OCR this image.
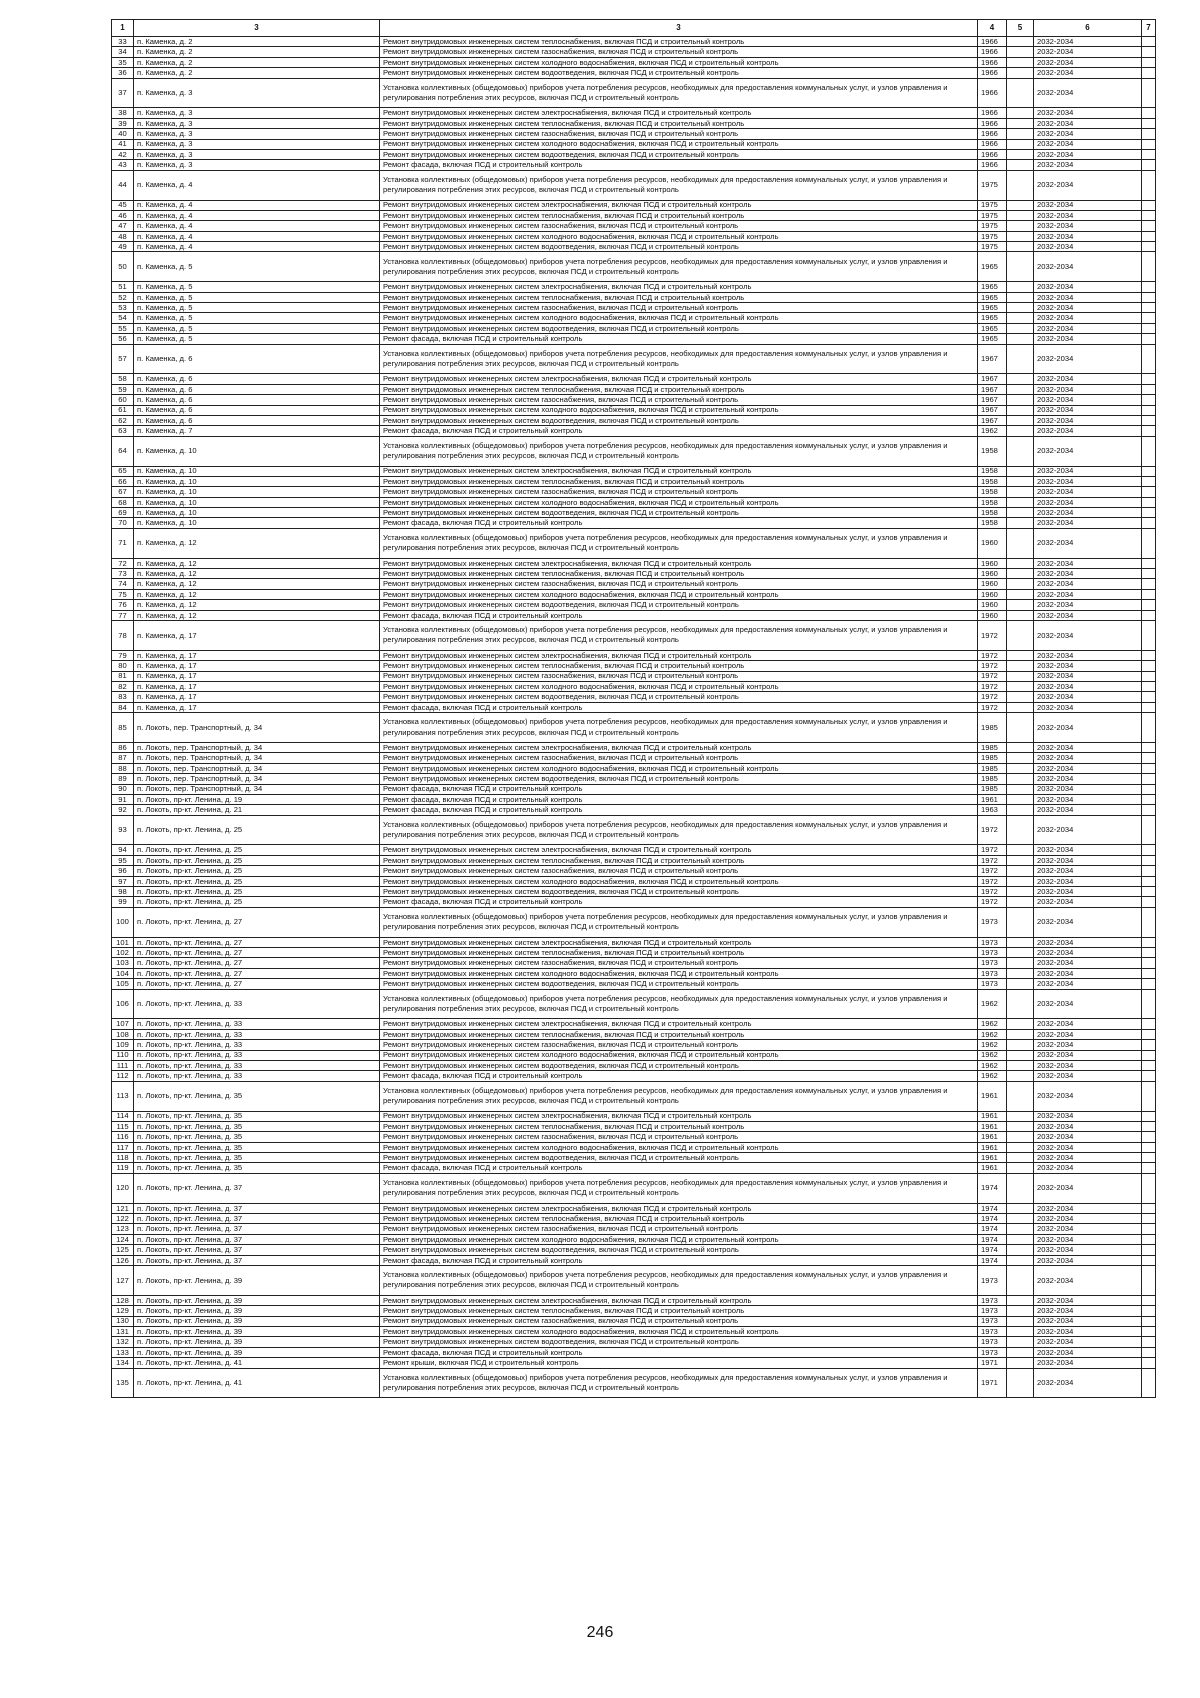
1	3	3	4	5	6	7
33	п. Каменка, д. 2	Ремонт внутридомовых инженерных систем теплоснабжения, включая ПСД и строительный контроль	1966		2032-2034	
34	п. Каменка, д. 2	Ремонт внутридомовых инженерных систем газоснабжения, включая ПСД и строительный контроль	1966		2032-2034	
35	п. Каменка, д. 2	Ремонт внутридомовых инженерных систем холодного водоснабжения, включая ПСД и строительный контроль	1966		2032-2034	
36	п. Каменка, д. 2	Ремонт внутридомовых инженерных систем водоотведения, включая ПСД и строительный контроль	1966		2032-2034	
37	п. Каменка, д. 3	Установка коллективных (общедомовых) приборов учета потребления ресурсов, необходимых для предоставления коммунальных услуг, и узлов управления и регулирования потребления этих ресурсов, включая ПСД и строительный контроль	1966		2032-2034	
38	п. Каменка, д. 3	Ремонт внутридомовых инженерных систем электроснабжения, включая ПСД и строительный контроль	1966		2032-2034	
39	п. Каменка, д. 3	Ремонт внутридомовых инженерных систем теплоснабжения, включая ПСД и строительный контроль	1966		2032-2034	
40	п. Каменка, д. 3	Ремонт внутридомовых инженерных систем газоснабжения, включая ПСД и строительный контроль	1966		2032-2034	
41	п. Каменка, д. 3	Ремонт внутридомовых инженерных систем холодного водоснабжения, включая ПСД и строительный контроль	1966		2032-2034	
42	п. Каменка, д. 3	Ремонт внутридомовых инженерных систем водоотведения, включая ПСД и строительный контроль	1966		2032-2034	
43	п. Каменка, д. 3	Ремонт фасада, включая ПСД и строительный контроль	1966		2032-2034	
44	п. Каменка, д. 4	Установка коллективных (общедомовых) приборов учета потребления ресурсов, необходимых для предоставления коммунальных услуг, и узлов управления и регулирования потребления этих ресурсов, включая ПСД и строительный контроль	1975		2032-2034	
45	п. Каменка, д. 4	Ремонт внутридомовых инженерных систем электроснабжения, включая ПСД и строительный контроль	1975		2032-2034	
46	п. Каменка, д. 4	Ремонт внутридомовых инженерных систем теплоснабжения, включая ПСД и строительный контроль	1975		2032-2034	
47	п. Каменка, д. 4	Ремонт внутридомовых инженерных систем газоснабжения, включая ПСД и строительный контроль	1975		2032-2034	
48	п. Каменка, д. 4	Ремонт внутридомовых инженерных систем холодного водоснабжения, включая ПСД и строительный контроль	1975		2032-2034	
49	п. Каменка, д. 4	Ремонт внутридомовых инженерных систем водоотведения, включая ПСД и строительный контроль	1975		2032-2034	
50	п. Каменка, д. 5	Установка коллективных (общедомовых) приборов учета потребления ресурсов, необходимых для предоставления коммунальных услуг, и узлов управления и регулирования потребления этих ресурсов, включая ПСД и строительный контроль	1965		2032-2034	
51	п. Каменка, д. 5	Ремонт внутридомовых инженерных систем электроснабжения, включая ПСД и строительный контроль	1965		2032-2034	
52	п. Каменка, д. 5	Ремонт внутридомовых инженерных систем теплоснабжения, включая ПСД и строительный контроль	1965		2032-2034	
53	п. Каменка, д. 5	Ремонт внутридомовых инженерных систем газоснабжения, включая ПСД и строительный контроль	1965		2032-2034	
54	п. Каменка, д. 5	Ремонт внутридомовых инженерных систем холодного водоснабжения, включая ПСД и строительный контроль	1965		2032-2034	
55	п. Каменка, д. 5	Ремонт внутридомовых инженерных систем водоотведения, включая ПСД и строительный контроль	1965		2032-2034	
56	п. Каменка, д. 5	Ремонт фасада, включая ПСД и строительный контроль	1965		2032-2034	
57	п. Каменка, д. 6	Установка коллективных (общедомовых) приборов учета потребления ресурсов, необходимых для предоставления коммунальных услуг, и узлов управления и регулирования потребления этих ресурсов, включая ПСД и строительный контроль	1967		2032-2034	
58	п. Каменка, д. 6	Ремонт внутридомовых инженерных систем электроснабжения, включая ПСД и строительный контроль	1967		2032-2034	
59	п. Каменка, д. 6	Ремонт внутридомовых инженерных систем теплоснабжения, включая ПСД и строительный контроль	1967		2032-2034	
60	п. Каменка, д. 6	Ремонт внутридомовых инженерных систем газоснабжения, включая ПСД и строительный контроль	1967		2032-2034	
61	п. Каменка, д. 6	Ремонт внутридомовых инженерных систем холодного водоснабжения, включая ПСД и строительный контроль	1967		2032-2034	
62	п. Каменка, д. 6	Ремонт внутридомовых инженерных систем водоотведения, включая ПСД и строительный контроль	1967		2032-2034	
63	п. Каменка, д. 7	Ремонт фасада, включая ПСД и строительный контроль	1962		2032-2034	
64	п. Каменка, д. 10	Установка коллективных (общедомовых) приборов учета потребления ресурсов, необходимых для предоставления коммунальных услуг, и узлов управления и регулирования потребления этих ресурсов, включая ПСД и строительный контроль	1958		2032-2034	
65	п. Каменка, д. 10	Ремонт внутридомовых инженерных систем электроснабжения, включая ПСД и строительный контроль	1958		2032-2034	
66	п. Каменка, д. 10	Ремонт внутридомовых инженерных систем теплоснабжения, включая ПСД и строительный контроль	1958		2032-2034	
67	п. Каменка, д. 10	Ремонт внутридомовых инженерных систем газоснабжения, включая ПСД и строительный контроль	1958		2032-2034	
68	п. Каменка, д. 10	Ремонт внутридомовых инженерных систем холодного водоснабжения, включая ПСД и строительный контроль	1958		2032-2034	
69	п. Каменка, д. 10	Ремонт внутридомовых инженерных систем водоотведения, включая ПСД и строительный контроль	1958		2032-2034	
70	п. Каменка, д. 10	Ремонт фасада, включая ПСД и строительный контроль	1958		2032-2034	
71	п. Каменка, д. 12	Установка коллективных (общедомовых) приборов учета потребления ресурсов, необходимых для предоставления коммунальных услуг, и узлов управления и регулирования потребления этих ресурсов, включая ПСД и строительный контроль	1960		2032-2034	
72	п. Каменка, д. 12	Ремонт внутридомовых инженерных систем электроснабжения, включая ПСД и строительный контроль	1960		2032-2034	
73	п. Каменка, д. 12	Ремонт внутридомовых инженерных систем теплоснабжения, включая ПСД и строительный контроль	1960		2032-2034	
74	п. Каменка, д. 12	Ремонт внутридомовых инженерных систем газоснабжения, включая ПСД и строительный контроль	1960		2032-2034	
75	п. Каменка, д. 12	Ремонт внутридомовых инженерных систем холодного водоснабжения, включая ПСД и строительный контроль	1960		2032-2034	
76	п. Каменка, д. 12	Ремонт внутридомовых инженерных систем водоотведения, включая ПСД и строительный контроль	1960		2032-2034	
77	п. Каменка, д. 12	Ремонт фасада, включая ПСД и строительный контроль	1960		2032-2034	
78	п. Каменка, д. 17	Установка коллективных (общедомовых) приборов учета потребления ресурсов, необходимых для предоставления коммунальных услуг, и узлов управления и регулирования потребления этих ресурсов, включая ПСД и строительный контроль	1972		2032-2034	
79	п. Каменка, д. 17	Ремонт внутридомовых инженерных систем электроснабжения, включая ПСД и строительный контроль	1972		2032-2034	
80	п. Каменка, д. 17	Ремонт внутридомовых инженерных систем теплоснабжения, включая ПСД и строительный контроль	1972		2032-2034	
81	п. Каменка, д. 17	Ремонт внутридомовых инженерных систем газоснабжения, включая ПСД и строительный контроль	1972		2032-2034	
82	п. Каменка, д. 17	Ремонт внутридомовых инженерных систем холодного водоснабжения, включая ПСД и строительный контроль	1972		2032-2034	
83	п. Каменка, д. 17	Ремонт внутридомовых инженерных систем водоотведения, включая ПСД и строительный контроль	1972		2032-2034	
84	п. Каменка, д. 17	Ремонт фасада, включая ПСД и строительный контроль	1972		2032-2034	
85	п. Локоть, пер. Транспортный, д. 34	Установка коллективных (общедомовых) приборов учета потребления ресурсов, необходимых для предоставления коммунальных услуг, и узлов управления и регулирования потребления этих ресурсов, включая ПСД и строительный контроль	1985		2032-2034	
86	п. Локоть, пер. Транспортный, д. 34	Ремонт внутридомовых инженерных систем электроснабжения, включая ПСД и строительный контроль	1985		2032-2034	
87	п. Локоть, пер. Транспортный, д. 34	Ремонт внутридомовых инженерных систем газоснабжения, включая ПСД и строительный контроль	1985		2032-2034	
88	п. Локоть, пер. Транспортный, д. 34	Ремонт внутридомовых инженерных систем холодного водоснабжения, включая ПСД и строительный контроль	1985		2032-2034	
89	п. Локоть, пер. Транспортный, д. 34	Ремонт внутридомовых инженерных систем водоотведения, включая ПСД и строительный контроль	1985		2032-2034	
90	п. Локоть, пер. Транспортный, д. 34	Ремонт фасада, включая ПСД и строительный контроль	1985		2032-2034	
91	п. Локоть, пр-кт. Ленина, д. 19	Ремонт фасада, включая ПСД и строительный контроль	1961		2032-2034	
92	п. Локоть, пр-кт. Ленина, д. 21	Ремонт фасада, включая ПСД и строительный контроль	1963		2032-2034	
93	п. Локоть, пр-кт. Ленина, д. 25	Установка коллективных (общедомовых) приборов учета потребления ресурсов, необходимых для предоставления коммунальных услуг, и узлов управления и регулирования потребления этих ресурсов, включая ПСД и строительный контроль	1972		2032-2034	
94	п. Локоть, пр-кт. Ленина, д. 25	Ремонт внутридомовых инженерных систем электроснабжения, включая ПСД и строительный контроль	1972		2032-2034	
95	п. Локоть, пр-кт. Ленина, д. 25	Ремонт внутридомовых инженерных систем теплоснабжения, включая ПСД и строительный контроль	1972		2032-2034	
96	п. Локоть, пр-кт. Ленина, д. 25	Ремонт внутридомовых инженерных систем газоснабжения, включая ПСД и строительный контроль	1972		2032-2034	
97	п. Локоть, пр-кт. Ленина, д. 25	Ремонт внутридомовых инженерных систем холодного водоснабжения, включая ПСД и строительный контроль	1972		2032-2034	
98	п. Локоть, пр-кт. Ленина, д. 25	Ремонт внутридомовых инженерных систем водоотведения, включая ПСД и строительный контроль	1972		2032-2034	
99	п. Локоть, пр-кт. Ленина, д. 25	Ремонт фасада, включая ПСД и строительный контроль	1972		2032-2034	
100	п. Локоть, пр-кт. Ленина, д. 27	Установка коллективных (общедомовых) приборов учета потребления ресурсов, необходимых для предоставления коммунальных услуг, и узлов управления и регулирования потребления этих ресурсов, включая ПСД и строительный контроль	1973		2032-2034	
101	п. Локоть, пр-кт. Ленина, д. 27	Ремонт внутридомовых инженерных систем электроснабжения, включая ПСД и строительный контроль	1973		2032-2034	
102	п. Локоть, пр-кт. Ленина, д. 27	Ремонт внутридомовых инженерных систем теплоснабжения, включая ПСД и строительный контроль	1973		2032-2034	
103	п. Локоть, пр-кт. Ленина, д. 27	Ремонт внутридомовых инженерных систем газоснабжения, включая ПСД и строительный контроль	1973		2032-2034	
104	п. Локоть, пр-кт. Ленина, д. 27	Ремонт внутридомовых инженерных систем холодного водоснабжения, включая ПСД и строительный контроль	1973		2032-2034	
105	п. Локоть, пр-кт. Ленина, д. 27	Ремонт внутридомовых инженерных систем водоотведения, включая ПСД и строительный контроль	1973		2032-2034	
106	п. Локоть, пр-кт. Ленина, д. 33	Установка коллективных (общедомовых) приборов учета потребления ресурсов, необходимых для предоставления коммунальных услуг, и узлов управления и регулирования потребления этих ресурсов, включая ПСД и строительный контроль	1962		2032-2034	
107	п. Локоть, пр-кт. Ленина, д. 33	Ремонт внутридомовых инженерных систем электроснабжения, включая ПСД и строительный контроль	1962		2032-2034	
108	п. Локоть, пр-кт. Ленина, д. 33	Ремонт внутридомовых инженерных систем теплоснабжения, включая ПСД и строительный контроль	1962		2032-2034	
109	п. Локоть, пр-кт. Ленина, д. 33	Ремонт внутридомовых инженерных систем газоснабжения, включая ПСД и строительный контроль	1962		2032-2034	
110	п. Локоть, пр-кт. Ленина, д. 33	Ремонт внутридомовых инженерных систем холодного водоснабжения, включая ПСД и строительный контроль	1962		2032-2034	
111	п. Локоть, пр-кт. Ленина, д. 33	Ремонт внутридомовых инженерных систем водоотведения, включая ПСД и строительный контроль	1962		2032-2034	
112	п. Локоть, пр-кт. Ленина, д. 33	Ремонт фасада, включая ПСД и строительный контроль	1962		2032-2034	
113	п. Локоть, пр-кт. Ленина, д. 35	Установка коллективных (общедомовых) приборов учета потребления ресурсов, необходимых для предоставления коммунальных услуг, и узлов управления и регулирования потребления этих ресурсов, включая ПСД и строительный контроль	1961		2032-2034	
114	п. Локоть, пр-кт. Ленина, д. 35	Ремонт внутридомовых инженерных систем электроснабжения, включая ПСД и строительный контроль	1961		2032-2034	
115	п. Локоть, пр-кт. Ленина, д. 35	Ремонт внутридомовых инженерных систем теплоснабжения, включая ПСД и строительный контроль	1961		2032-2034	
116	п. Локоть, пр-кт. Ленина, д. 35	Ремонт внутридомовых инженерных систем газоснабжения, включая ПСД и строительный контроль	1961		2032-2034	
117	п. Локоть, пр-кт. Ленина, д. 35	Ремонт внутридомовых инженерных систем холодного водоснабжения, включая ПСД и строительный контроль	1961		2032-2034	
118	п. Локоть, пр-кт. Ленина, д. 35	Ремонт внутридомовых инженерных систем водоотведения, включая ПСД и строительный контроль	1961		2032-2034	
119	п. Локоть, пр-кт. Ленина, д. 35	Ремонт фасада, включая ПСД и строительный контроль	1961		2032-2034	
120	п. Локоть, пр-кт. Ленина, д. 37	Установка коллективных (общедомовых) приборов учета потребления ресурсов, необходимых для предоставления коммунальных услуг, и узлов управления и регулирования потребления этих ресурсов, включая ПСД и строительный контроль	1974		2032-2034	
121	п. Локоть, пр-кт. Ленина, д. 37	Ремонт внутридомовых инженерных систем электроснабжения, включая ПСД и строительный контроль	1974		2032-2034	
122	п. Локоть, пр-кт. Ленина, д. 37	Ремонт внутридомовых инженерных систем теплоснабжения, включая ПСД и строительный контроль	1974		2032-2034	
123	п. Локоть, пр-кт. Ленина, д. 37	Ремонт внутридомовых инженерных систем газоснабжения, включая ПСД и строительный контроль	1974		2032-2034	
124	п. Локоть, пр-кт. Ленина, д. 37	Ремонт внутридомовых инженерных систем холодного водоснабжения, включая ПСД и строительный контроль	1974		2032-2034	
125	п. Локоть, пр-кт. Ленина, д. 37	Ремонт внутридомовых инженерных систем водоотведения, включая ПСД и строительный контроль	1974		2032-2034	
126	п. Локоть, пр-кт. Ленина, д. 37	Ремонт фасада, включая ПСД и строительный контроль	1974		2032-2034	
127	п. Локоть, пр-кт. Ленина, д. 39	Установка коллективных (общедомовых) приборов учета потребления ресурсов, необходимых для предоставления коммунальных услуг, и узлов управления и регулирования потребления этих ресурсов, включая ПСД и строительный контроль	1973		2032-2034	
128	п. Локоть, пр-кт. Ленина, д. 39	Ремонт внутридомовых инженерных систем электроснабжения, включая ПСД и строительный контроль	1973		2032-2034	
129	п. Локоть, пр-кт. Ленина, д. 39	Ремонт внутридомовых инженерных систем теплоснабжения, включая ПСД и строительный контроль	1973		2032-2034	
130	п. Локоть, пр-кт. Ленина, д. 39	Ремонт внутридомовых инженерных систем газоснабжения, включая ПСД и строительный контроль	1973		2032-2034	
131	п. Локоть, пр-кт. Ленина, д. 39	Ремонт внутридомовых инженерных систем холодного водоснабжения, включая ПСД и строительный контроль	1973		2032-2034	
132	п. Локоть, пр-кт. Ленина, д. 39	Ремонт внутридомовых инженерных систем водоотведения, включая ПСД и строительный контроль	1973		2032-2034	
133	п. Локоть, пр-кт. Ленина, д. 39	Ремонт фасада, включая ПСД и строительный контроль	1973		2032-2034	
134	п. Локоть, пр-кт. Ленина, д. 41	Ремонт крыши, включая ПСД и строительный контроль	1971		2032-2034	
135	п. Локоть, пр-кт. Ленина, д. 41	Установка коллективных (общедомовых) приборов учета потребления ресурсов, необходимых для предоставления коммунальных услуг, и узлов управления и регулирования потребления этих ресурсов, включая ПСД и строительный контроль	1971		2032-2034	
246
